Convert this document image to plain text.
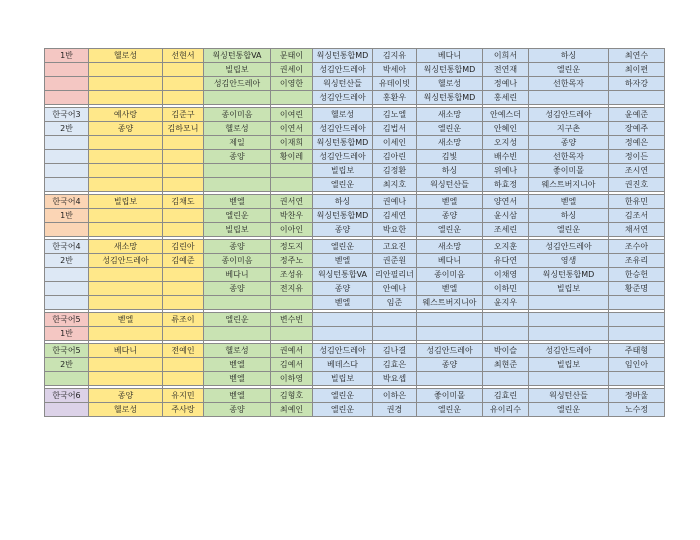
1반	헬로성	선현서	웍싱턴통합VA	문태이	웍싱턴통합MD	김지유	베다니	이희서	하싱	최연수
			빌립보	권세이	성김안드레아	박세아	웍싱턴통합MD	전연재	엘린운	최이편
			성김안드레아	이영한	웍싱턴산들	유데이빗	헬로성	정예나	선한목자	하자강
					성김안드레아	홍환우	웍싱턴통합MD	홍세린		

한국어3	예사랑	김준구	종이미음	이여린	헬로성	김노엘	새소망	안예스더	성김안드레아	윤예준
2반	종양	김하모니	헬로성	이연서	성김안드레아	김법서	엘린운	안혜인	지구촌	장예주
			제일	이재희	웍싱턴통합MD	이세인	새소망	오지성	종양	정예은
			종양	황이레	성김안드레아	김아린	김빛	배수빈	선한목자	정이든
					빌립보	김정환	하싱	위예나	좋이미몰	조시연
					엘린운	최지호	웍싱턴산들	하효정	웨스트버지니아	권진호

한국어4	빌립보	김채도	벧엘	권서연	하싱	권예나	벧엘	양연서	벧엘	한유민
1반			엘린운	박찬우	웍싱턴통합MD	김세연	종양	윤시삼	하싱	김조서
			빌립보	이아인	종양	박요한	엘린운	조세린	엘린운	채서연

한국어4	새소망	김린아	종양	정도지	엘린운	고요진	새소망	오지훈	성김안드레아	조수아
2반	성김안드레아	김예준	종이미음	정주노	벧엘	권준원	베다니	유다연	영생	조유리
			베다니	조성유	웍싱턴통합VA	리안필리너	종이미음	이채영	웍싱턴통합MD	한승헌
			종양	전지유	종양	안예나	벧엘	이하민	빌립보	황준명
					벧엘	임준	웨스트버지니아	윤지우		

한국어5	벧엘	류조이	엘린운	변수빈						
1반										

한국어5	베다니	전예인	헬로성	권예서	성김안드레아	김나결	성김안드레아	박이슬	성김안드레아	주태형
2반			벧엘	김예서	베데스다	김효은	종양	최현준	빌립보	임인아
			벧엘	이하영	빌립보	박요셉				

한국어6	종양	유지민	벧엘	김형호	엘린운	이하은	좋이미몰	김효린	웍싱턴산들	정바울
	헬로성	주사랑	종양	최예인	엘린운	권경	엘린운	유이리수	엘린운	노수정
